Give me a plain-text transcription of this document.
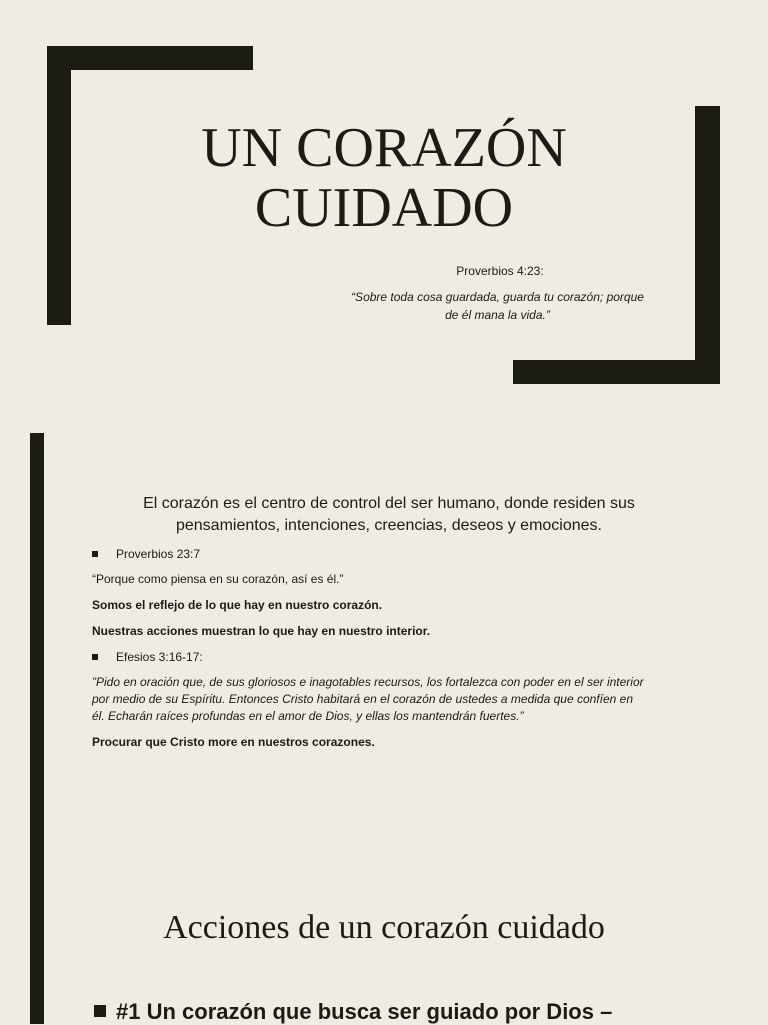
UN CORAZÓN
CUIDADO
Proverbios 4:23:
“Sobre toda cosa guardada, guarda tu corazón; porque
de él mana la vida.”
El corazón es el centro de control del ser humano, donde residen sus
pensamientos, intenciones, creencias, deseos y emociones.
Proverbios 23:7
“Porque como piensa en su corazón, así es él.”
Somos el reflejo de lo que hay en nuestro corazón.
Nuestras acciones muestran lo que hay en nuestro interior.
Efesios 3:16-17:
”Pido en oración que, de sus gloriosos e inagotables recursos, los fortalezca con poder en el ser interior
por medio de su Espíritu. Entonces Cristo habitará en el corazón de ustedes a medida que confíen en
él. Echarán raíces profundas en el amor de Dios, y ellas los mantendrán fuertes.”
Procurar que Cristo more en nuestros corazones.
Acciones de un corazón cuidado
#1 Un corazón que busca ser guiado por Dios –
